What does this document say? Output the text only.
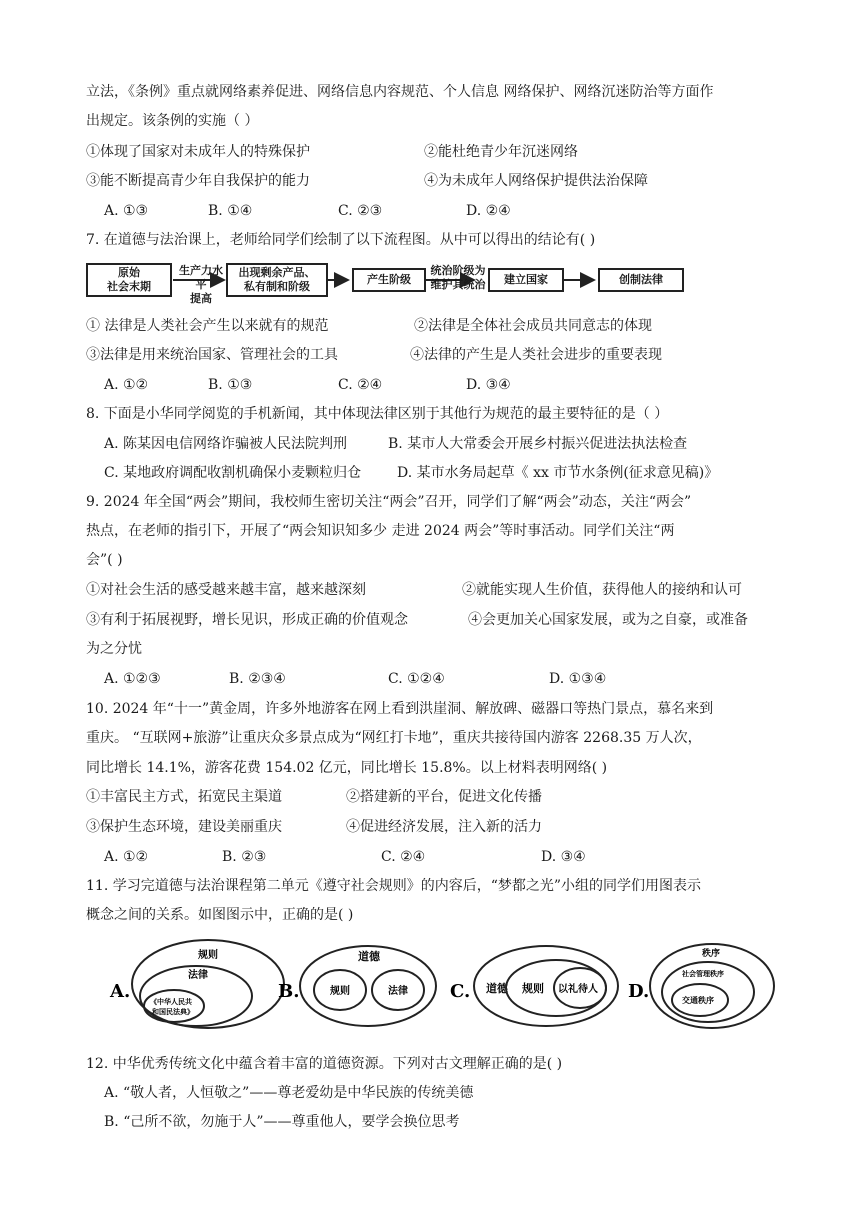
立法，《条例》重点就网络素养促进、网络信息内容规范、个人信息 网络保护、网络沉迷防治等方面作
出规定。该条例的实施（ ）
①体现了国家对未成年人的特殊保护	②能杜绝青少年沉迷网络
③能不断提高青少年自我保护的能力	④为未成年人网络保护提供法治保障
A. ①③	B. ①④	C. ②③	D. ②④
7. 在道德与法治课上，老师给同学们绘制了以下流程图。从中可以得出的结论有( )
原始
社会末期
生产力水平
提高
出现剩余产品、
私有制和阶级
产生阶级
统治阶级为
维护其统治	建立国家	创制法律
① 法律是人类社会产生以来就有的规范	②法律是全体社会成员共同意志的体现
③法律是用来统治国家、管理社会的工具	④法律的产生是人类社会进步的重要表现
A. ①②	B. ①③	C. ②④	D. ③④
8. 下面是小华同学阅览的手机新闻，其中体现法律区别于其他行为规范的最主要特征的是（ ）
A. 陈某因电信网络诈骗被人民法院判刑	B. 某市人大常委会开展乡村振兴促进法执法检查
C. 某地政府调配收割机确保小麦颗粒归仓	D. 某市水务局起草《 xx 市节水条例(征求意见稿)》
9. 2024 年全国“两会”期间，我校师生密切关注“两会”召开，同学们了解“两会”动态，关注“两会”
热点，在老师的指引下，开展了“两会知识知多少 走进 2024 两会”等时事活动。同学们关注“两
会”( )
①对社会生活的感受越来越丰富，越来越深刻	②就能实现人生价值，获得他人的接纳和认可
③有利于拓展视野，增长见识，形成正确的价值观念	④会更加关心国家发展，或为之自豪，或准备
为之分忧
A. ①②③	B. ②③④	C. ①②④	D. ①③④
10. 2024 年“十一”黄金周，许多外地游客在网上看到洪崖洞、解放碑、磁器口等热门景点，慕名来到
重庆。 “互联网+旅游”让重庆众多景点成为“网红打卡地”，重庆共接待国内游客 2268.35 万人次，
同比增长 14.1%，游客花费 154.02 亿元，同比增长 15.8%。以上材料表明网络( )
①丰富民主方式，拓宽民主渠道	②搭建新的平台，促进文化传播
③保护生态环境，建设美丽重庆	④促进经济发展，注入新的活力
A. ①②	B. ②③	C. ②④	D. ③④
11. 学习完道德与法治课程第二单元《遵守社会规则》的内容后，“梦都之光”小组的同学们用图表示
概念之间的关系。如图图示中，正确的是( )
A.
规则
法律
《中华人民共
和国民法典》
B.
道德
规则	法律 C. 道德 规则 以礼待人 D.
秩序
社会管理秩序
交通秩序
12. 中华优秀传统文化中蕴含着丰富的道德资源。下列对古文理解正确的是( )
A. “敬人者，人恒敬之”——尊老爱幼是中华民族的传统美德
B. “己所不欲，勿施于人”——尊重他人，要学会换位思考
